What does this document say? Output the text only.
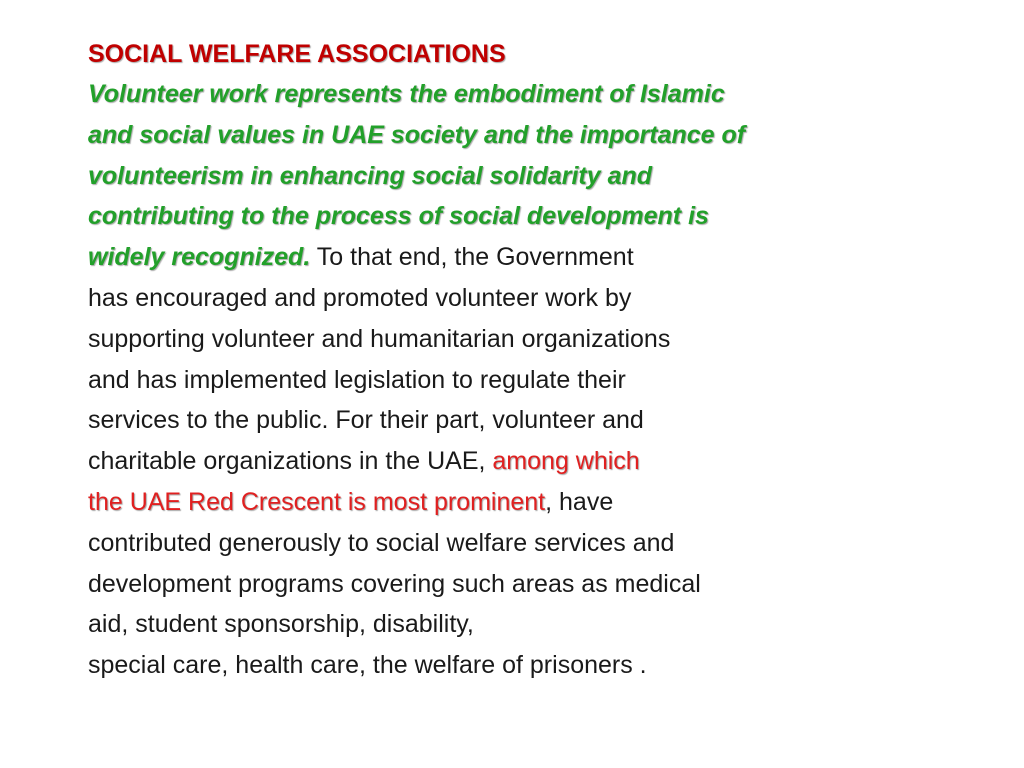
SOCIAL WELFARE ASSOCIATIONS
Volunteer work represents the embodiment of Islamic
and social values in UAE society and the importance of
volunteerism in enhancing social solidarity and
contributing to the process of social development is
widely recognized. To that end, the Government
has encouraged and promoted volunteer work by
supporting volunteer and humanitarian organizations
and has implemented legislation to regulate their
services to the public. For their part, volunteer and
charitable organizations in the UAE, among which
the UAE Red Crescent is most prominent, have
contributed generously to social welfare services and
development programs covering such areas as medical
aid, student sponsorship, disability,
special care, health care, the welfare of prisoners .
